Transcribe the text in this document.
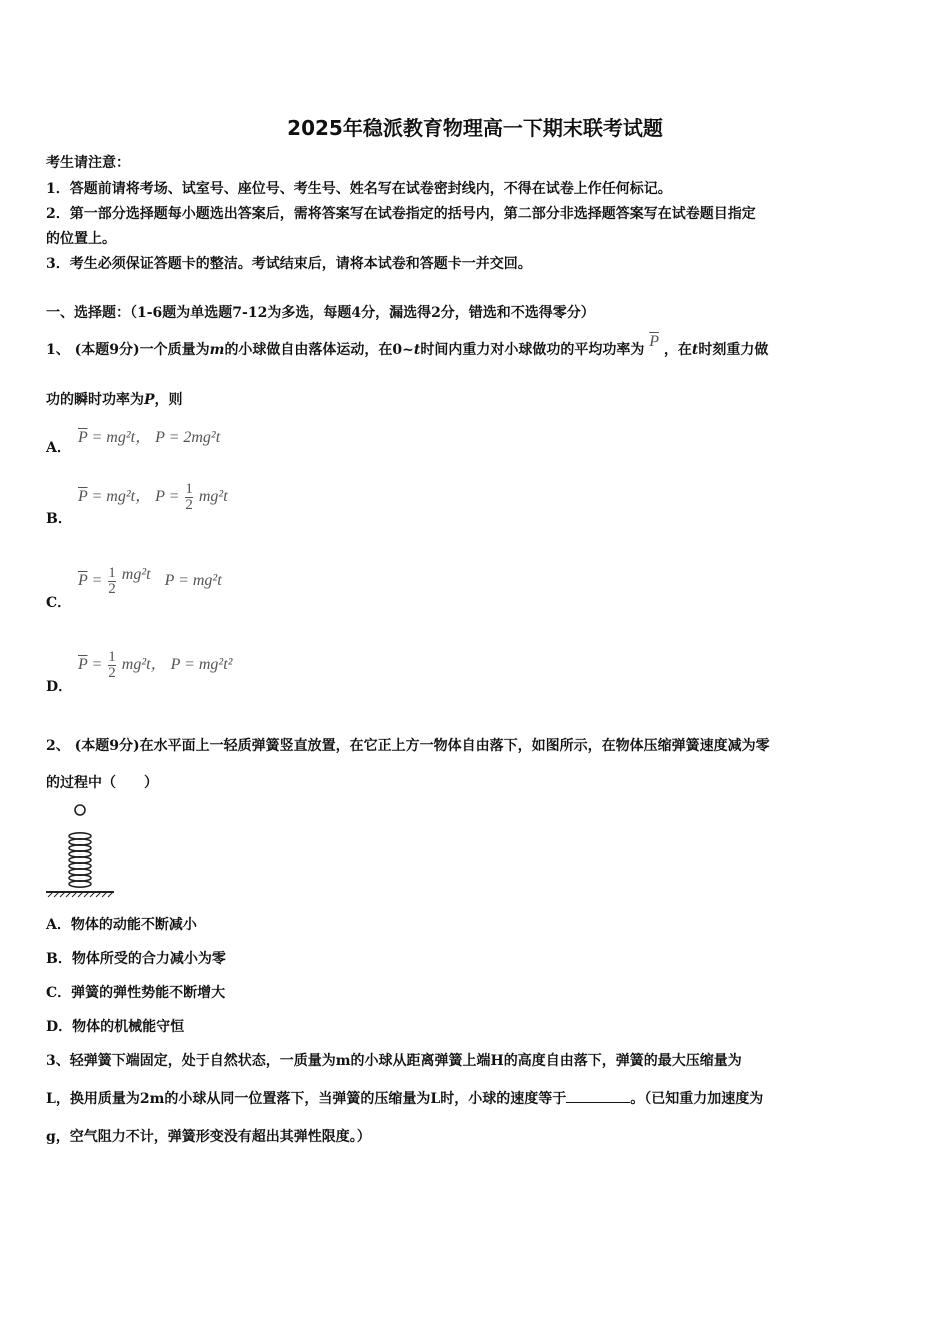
2025年稳派教育物理高一下期末联考试题
考生请注意：
1．答题前请将考场、试室号、座位号、考生号、姓名写在试卷密封线内，不得在试卷上作任何标记。
2．第一部分选择题每小题选出答案后，需将答案写在试卷指定的括号内，第二部分非选择题答案写在试卷题目指定
的位置上。
3．考生必须保证答题卡的整洁。考试结束后，请将本试卷和答题卡一并交回。
一、选择题：（1-6题为单选题7-12为多选，每题4分，漏选得2分，错选和不选得零分）
1、 (本题9分)一个质量为m的小球做自由落体运动，在0~t时间内重力对小球做功的平均功率为 $\overline{P}$ ，在t时刻重力做
功的瞬时功率为P，则
A．
$\overline{P} = mg^2t$， P = 2mg²t
B．
$\overline{P} = mg^2t$， $P = \frac{1}{2} mg^2t$
C．
$\overline{P} = \frac{1}{2} mg^2t$ P = mg²t
D．
$\overline{P} = \frac{1}{2} mg^2t$， P = mg²t²
2、 (本题9分)在水平面上一轻质弹簧竖直放置，在它正上方一物体自由落下，如图所示，在物体压缩弹簧速度减为零
的过程中（　　）
A．物体的动能不断减小
B．物体所受的合力减小为零
C．弹簧的弹性势能不断增大
D．物体的机械能守恒
3、轻弹簧下端固定，处于自然状态，一质量为m的小球从距离弹簧上端H的高度自由落下，弹簧的最大压缩量为
L，换用质量为2m的小球从同一位置落下，当弹簧的压缩量为L时，小球的速度等于	。（已知重力加速度为
g，空气阻力不计，弹簧形变没有超出其弹性限度。）
